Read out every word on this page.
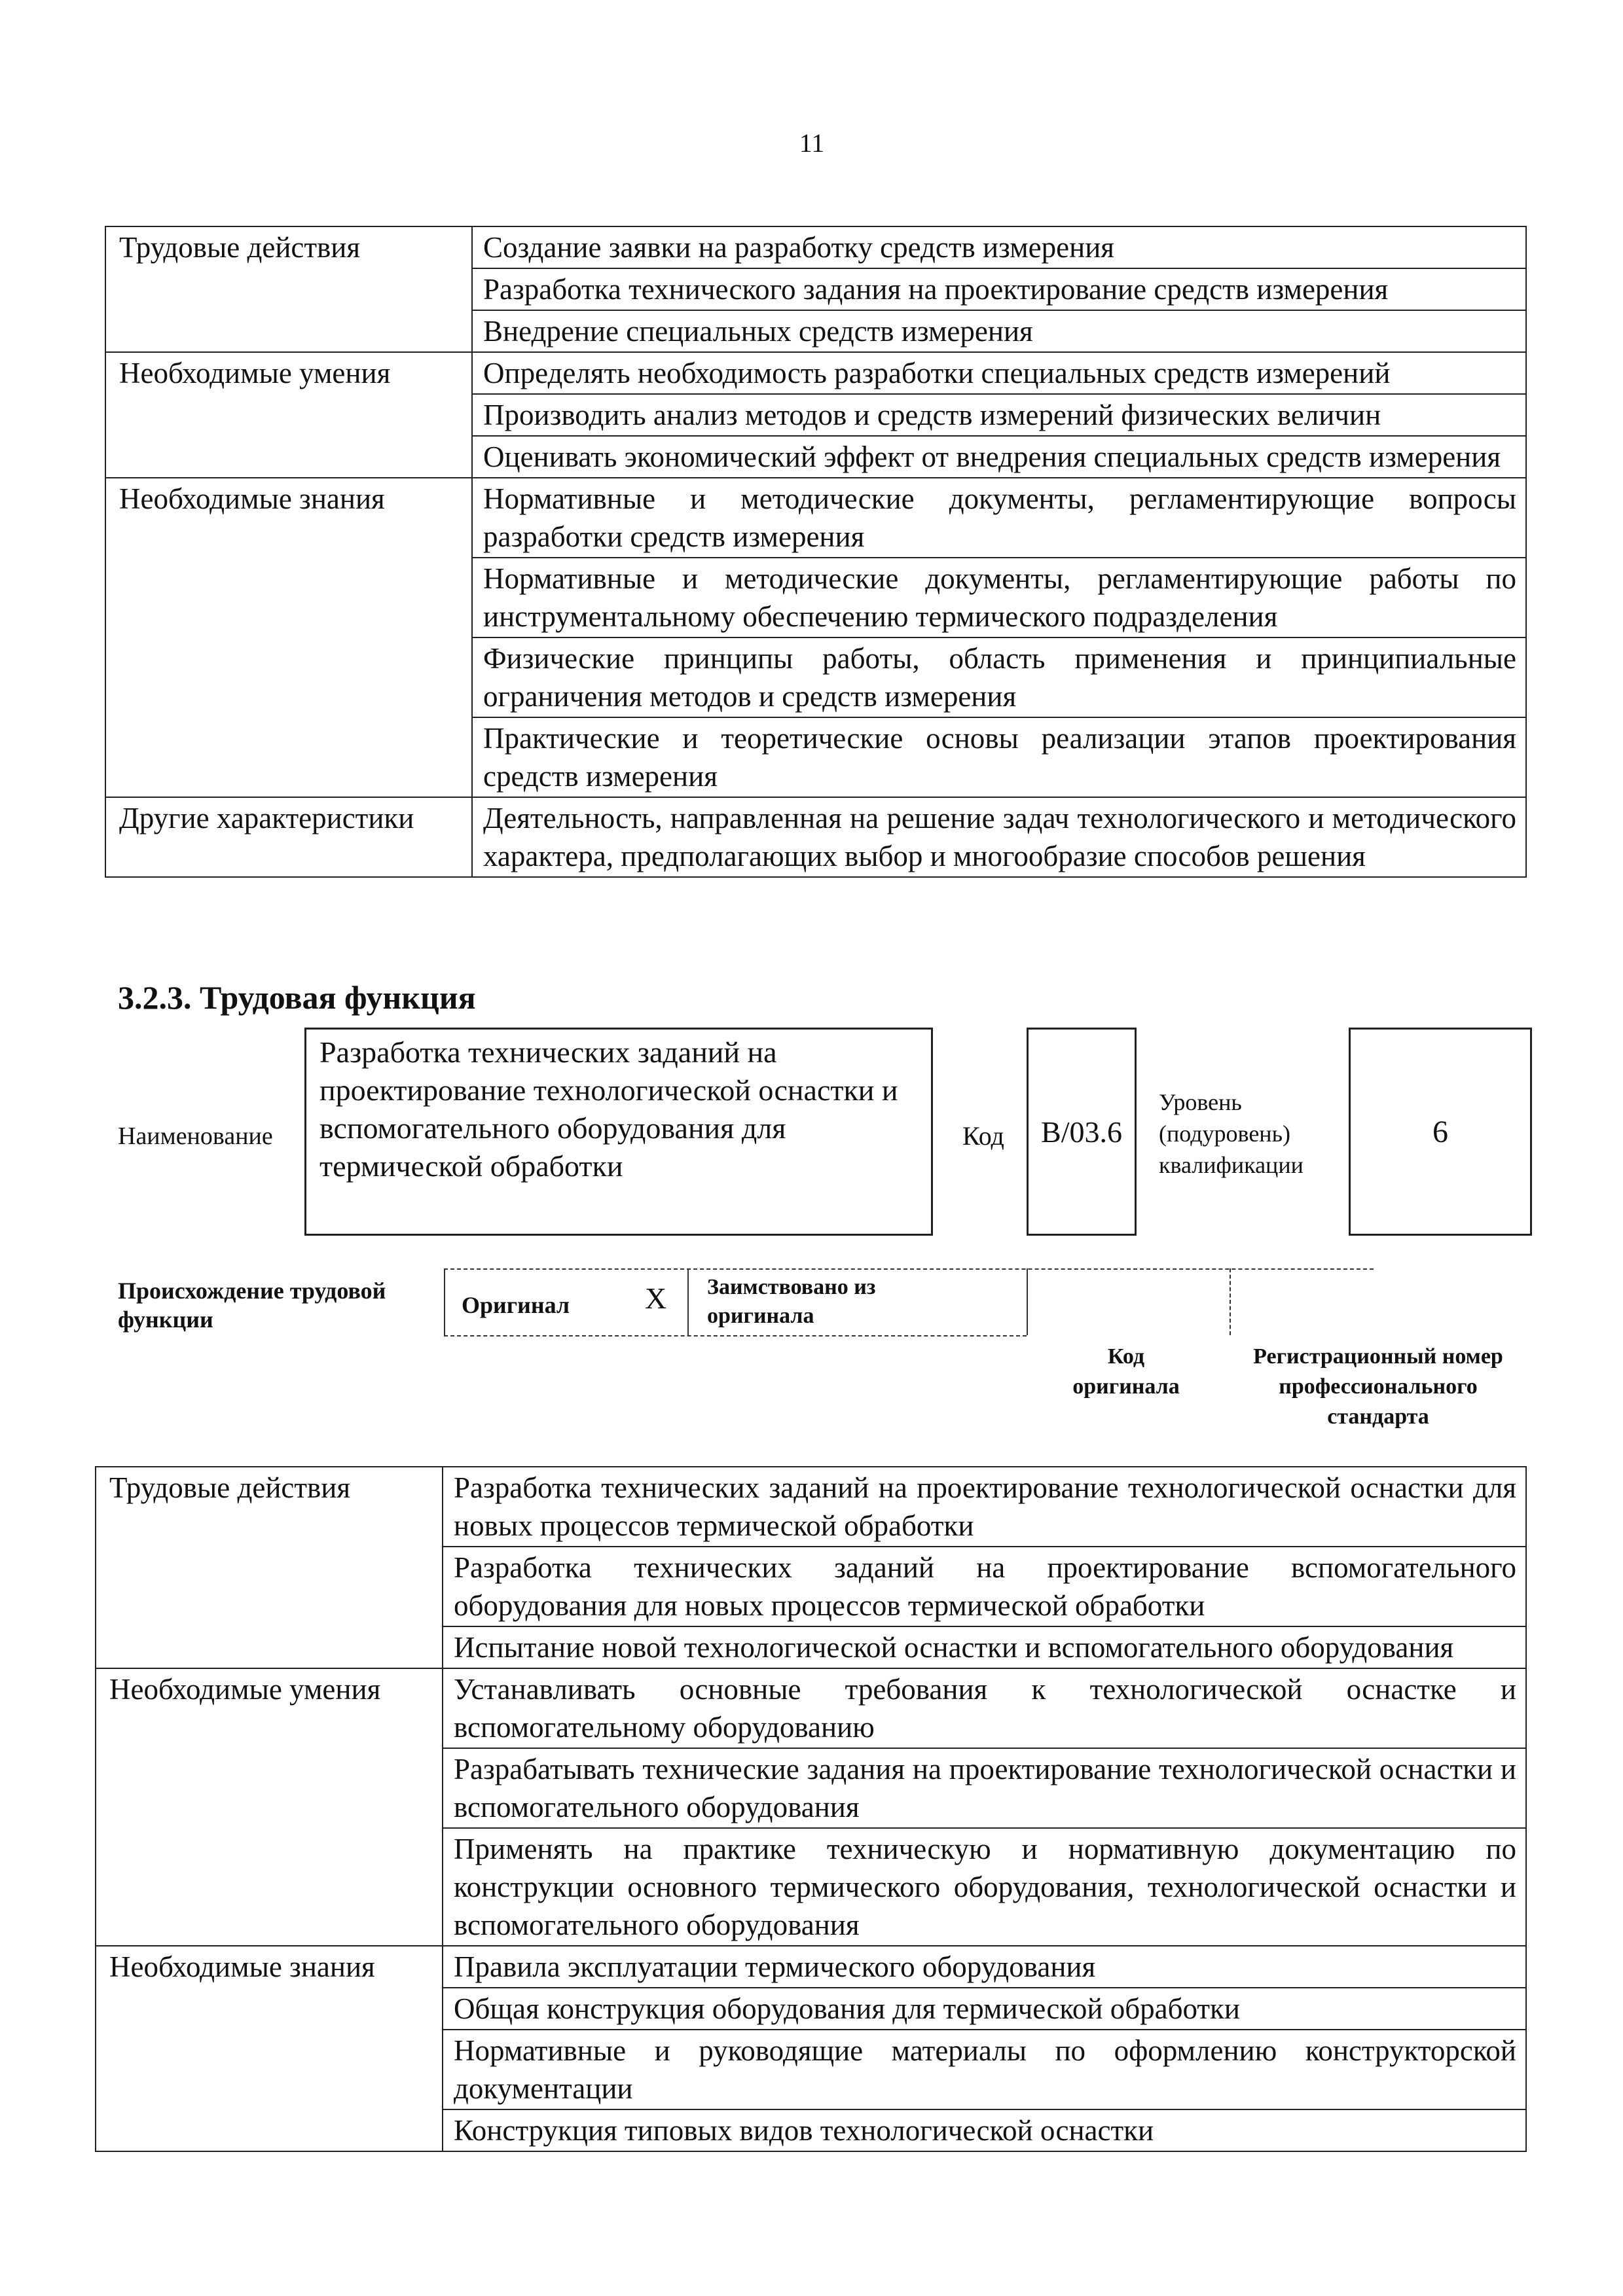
11
Трудовые действия	Создание заявки на разработку средств измерения
	Разработка технического задания на проектирование средств измерения
	Внедрение специальных средств измерения
Необходимые умения	Определять необходимость разработки специальных средств измерений
	Производить анализ методов и средств измерений физических величин
	Оценивать экономический эффект от внедрения специальных средств измерения
Необходимые знания	Нормативные и методические документы, регламентирующие вопросы разработки средств измерения
	Нормативные и методические документы, регламентирующие работы по инструментальному обеспечению термического подразделения
	Физические принципы работы, область применения и принципиальные ограничения методов и средств измерения
	Практические и теоретические основы реализации этапов проектирования средств измерения
Другие характеристики	Деятельность, направленная на решение задач технологического и методического характера, предполагающих выбор и многообразие способов решения
3.2.3. Трудовая функция
Наименование
Разработка технических заданий на проектирование технологической оснастки и вспомогательного оборудования для термической обработки
Код	В/03.6
Уровень (подуровень) квалификации
6
Происхождение трудовой функции
Оригинал X Заимствовано из оригинала
Код оригинала
Регистрационный номер профессионального стандарта
Трудовые действия	Разработка технических заданий на проектирование технологической оснастки для новых процессов термической обработки
	Разработка технических заданий на проектирование вспомогательного оборудования для новых процессов термической обработки
	Испытание новой технологической оснастки и вспомогательного оборудования
Необходимые умения	Устанавливать основные требования к технологической оснастке и вспомогательному оборудованию
	Разрабатывать технические задания на проектирование технологической оснастки и вспомогательного оборудования
	Применять на практике техническую и нормативную документацию по конструкции основного термического оборудования, технологической оснастки и вспомогательного оборудования
Необходимые знания	Правила эксплуатации термического оборудования
	Общая конструкция оборудования для термической обработки
	Нормативные и руководящие материалы по оформлению конструкторской документации
	Конструкция типовых видов технологической оснастки
